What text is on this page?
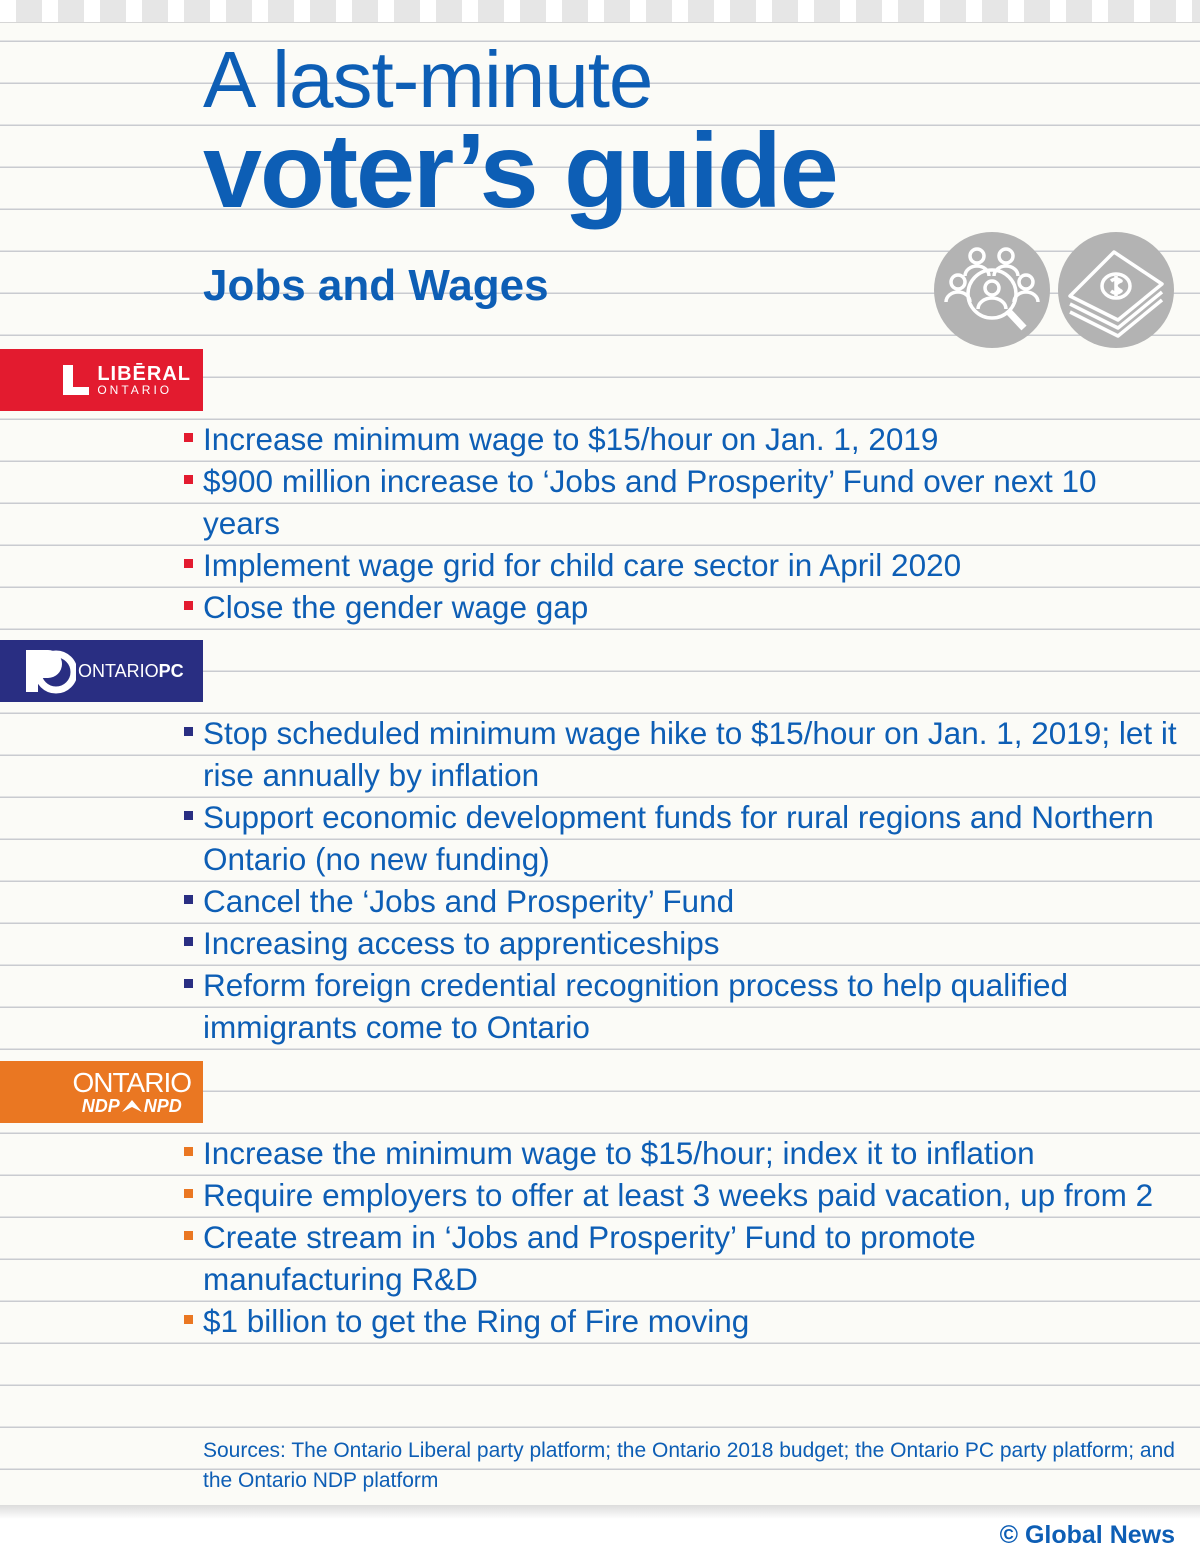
A last-minute
voter’s guide
Jobs and Wages
LIBĒRAL
ONTARIO
Increase minimum wage to $15/hour on Jan. 1, 2019
$900 million increase to ‘Jobs and Prosperity’ Fund over next 10 years
Implement wage grid for child care sector in April 2020
Close the gender wage gap
ONTARIOPC
Stop scheduled minimum wage hike to $15/hour on Jan. 1, 2019; let it rise annually by inflation
Support economic development funds for rural regions and Northern Ontario (no new funding)
Cancel the ‘Jobs and Prosperity’ Fund
Increasing access to apprenticeships
Reform foreign credential recognition process to help qualified immigrants come to Ontario
ONTARIO
NDP NPD
Increase the minimum wage to $15/hour; index it to inflation
Require employers to offer at least 3 weeks paid vacation, up from 2
Create stream in ‘Jobs and Prosperity’ Fund to promote manufacturing R&D
$1 billion to get the Ring of Fire moving

Sources: The Ontario Liberal party platform; the Ontario 2018 budget; the Ontario PC party platform; and the Ontario NDP platform

© Global News
